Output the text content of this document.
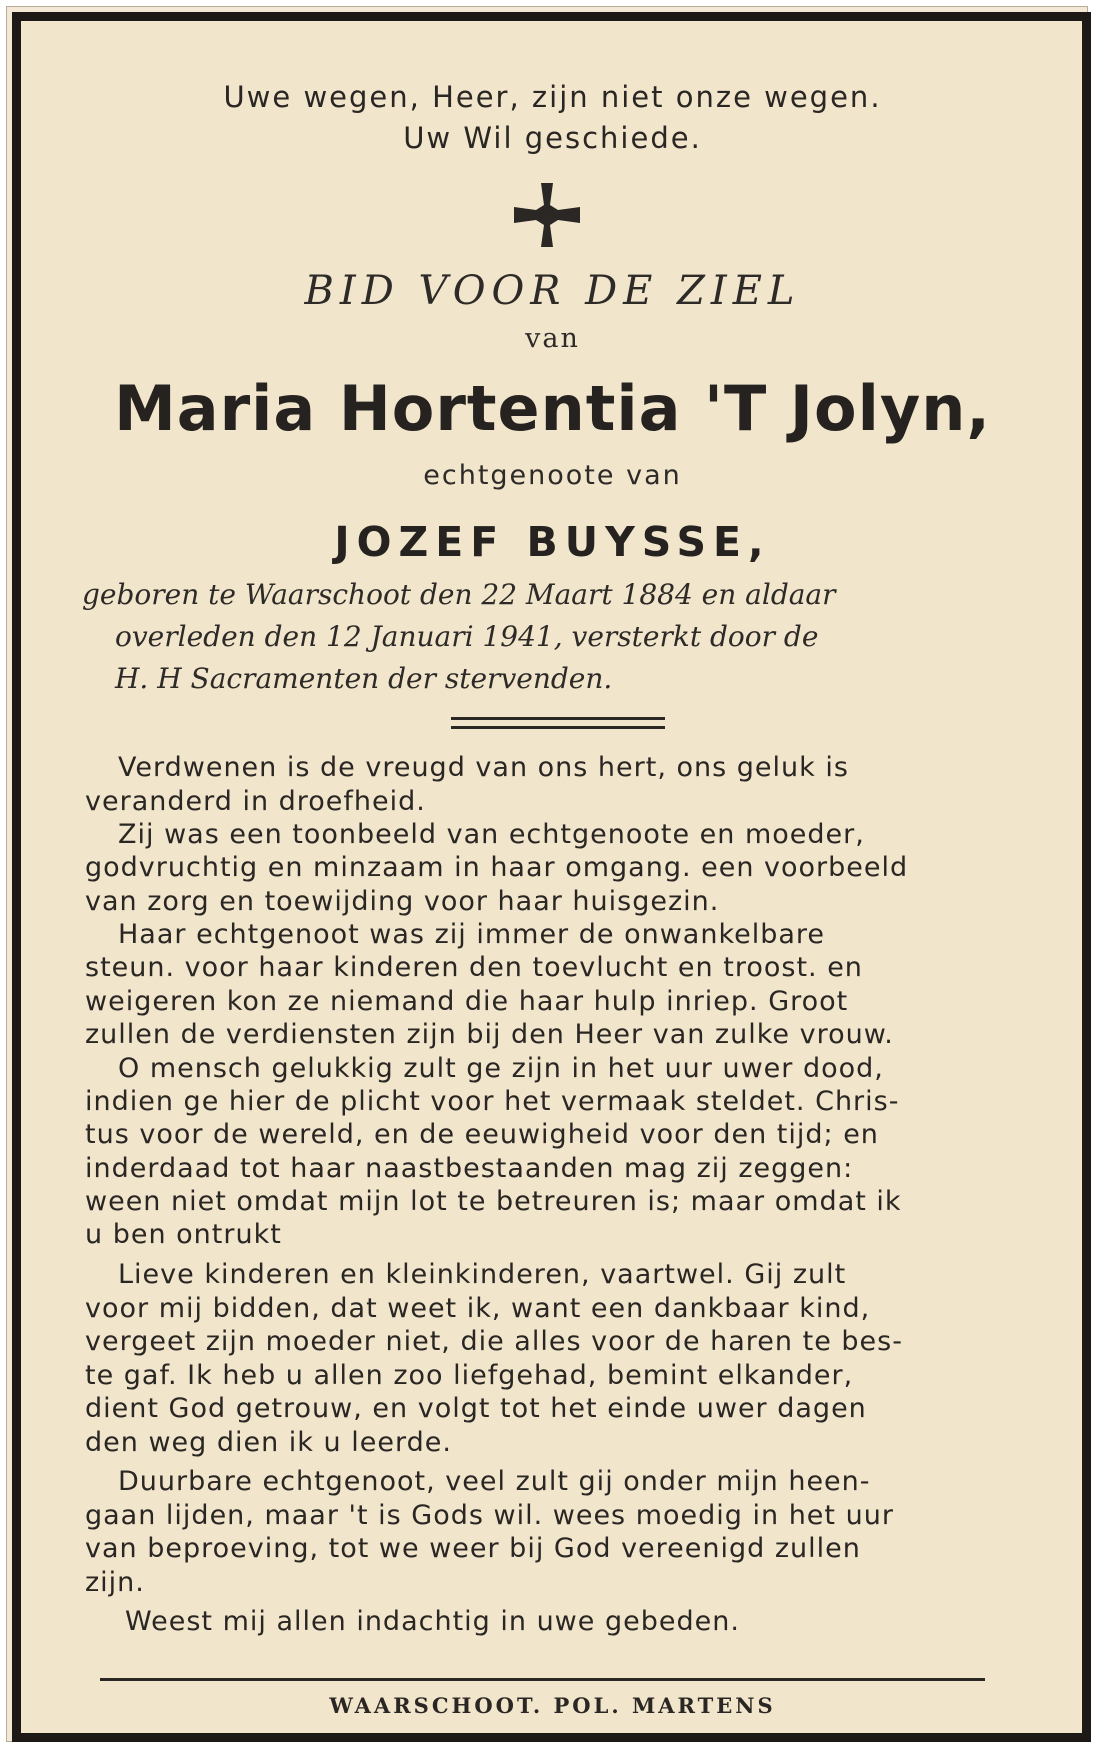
Uwe wegen, Heer, zijn niet onze wegen.
Uw Wil geschiede.
BID VOOR DE ZIEL
van
Maria Hortentia 'T Jolyn,
echtgenoote van
JOZEF BUYSSE,
geboren te Waarschoot den 22 Maart 1884 en aldaar
overleden den 12 Januari 1941, versterkt door de
H. H Sacramenten der stervenden.
Verdwenen is de vreugd van ons hert, ons geluk is
veranderd in droefheid.
Zij was een toonbeeld van echtgenoote en moeder,
godvruchtig en minzaam in haar omgang. een voorbeeld
van zorg en toewijding voor haar huisgezin.
Haar echtgenoot was zij immer de onwankelbare
steun. voor haar kinderen den toevlucht en troost. en
weigeren kon ze niemand die haar hulp inriep. Groot
zullen de verdiensten zijn bij den Heer van zulke vrouw.
O mensch gelukkig zult ge zijn in het uur uwer dood,
indien ge hier de plicht voor het vermaak steldet. Chris-
tus voor de wereld, en de eeuwigheid voor den tijd; en
inderdaad tot haar naastbestaanden mag zij zeggen:
ween niet omdat mijn lot te betreuren is; maar omdat ik
u ben ontrukt
Lieve kinderen en kleinkinderen, vaartwel. Gij zult
voor mij bidden, dat weet ik, want een dankbaar kind,
vergeet zijn moeder niet, die alles voor de haren te bes-
te gaf. Ik heb u allen zoo liefgehad, bemint elkander,
dient God getrouw, en volgt tot het einde uwer dagen
den weg dien ik u leerde.
Duurbare echtgenoot, veel zult gij onder mijn heen-
gaan lijden, maar 't is Gods wil. wees moedig in het uur
van beproeving, tot we weer bij God vereenigd zullen
zijn.
Weest mij allen indachtig in uwe gebeden.
WAARSCHOOT. POL. MARTENS
